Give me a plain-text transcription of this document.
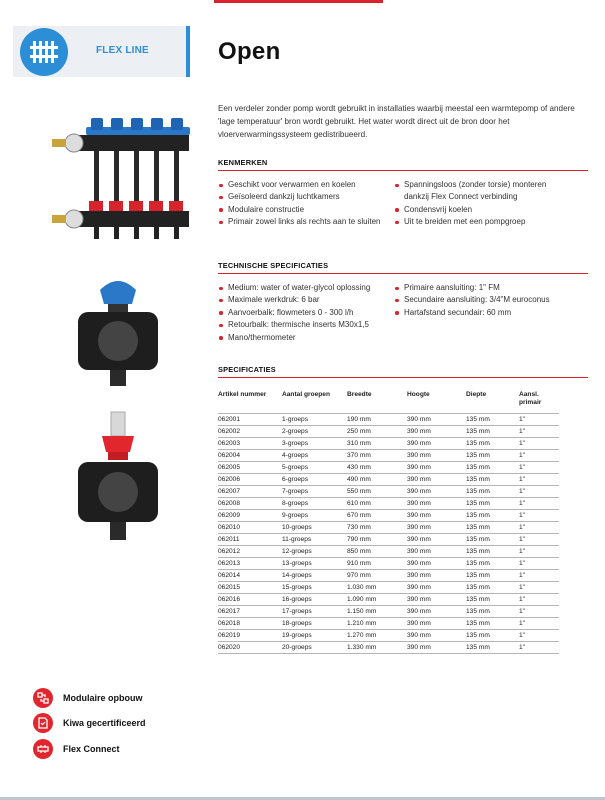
FLEX LINE	Open
Een verdeler zonder pomp wordt gebruikt in installaties waarbij meestal een warmtepomp of andere 'lage temperatuur' bron wordt gebruikt. Het water wordt direct uit de bron door het vloerverwarmingssysteem gedistribueerd.
KENMERKEN
Geschikt voor verwarmen en koelen
Geïsoleerd dankzij luchtkamers
Modulaire constructie
Primair zowel links als rechts aan te sluiten
Spanningsloos (zonder torsie) monteren dankzij Flex Connect verbinding
Condensvrij koelen
Uit te breiden met een pompgroep
TECHNISCHE SPECIFICATIES
Medium: water of water-glycol oplossing
Maximale werkdruk: 6 bar
Aanvoerbalk: flowmeters 0 - 300 l/h
Retourbalk: thermische inserts M30x1,5
Mano/thermometer
Primaire aansluiting: 1" FM
Secundaire aansluiting: 3/4"M euroconus
Hartafstand secundair: 60 mm
SPECIFICATIES
Artikel nummer	Aantal groepen	Breedte	Hoogte	Diepte	Aansl. primair
062001	1-groeps	190 mm	390 mm	135 mm	1"
062002	2-groeps	250 mm	390 mm	135 mm	1"
062003	3-groeps	310 mm	390 mm	135 mm	1"
062004	4-groeps	370 mm	390 mm	135 mm	1"
062005	5-groeps	430 mm	390 mm	135 mm	1"
062006	6-groeps	490 mm	390 mm	135 mm	1"
062007	7-groeps	550 mm	390 mm	135 mm	1"
062008	8-groeps	610 mm	390 mm	135 mm	1"
062009	9-groeps	670 mm	390 mm	135 mm	1"
062010	10-groeps	730 mm	390 mm	135 mm	1"
062011	11-groeps	790 mm	390 mm	135 mm	1"
062012	12-groeps	850 mm	390 mm	135 mm	1"
062013	13-groeps	910 mm	390 mm	135 mm	1"
062014	14-groeps	970 mm	390 mm	135 mm	1"
062015	15-groeps	1.030 mm	390 mm	135 mm	1"
062016	16-groeps	1.090 mm	390 mm	135 mm	1"
062017	17-groeps	1.150 mm	390 mm	135 mm	1"
062018	18-groeps	1.210 mm	390 mm	135 mm	1"
062019	19-groeps	1.270 mm	390 mm	135 mm	1"
062020	20-groeps	1.330 mm	390 mm	135 mm	1"
Modulaire opbouw
Kiwa gecertificeerd
Flex Connect
